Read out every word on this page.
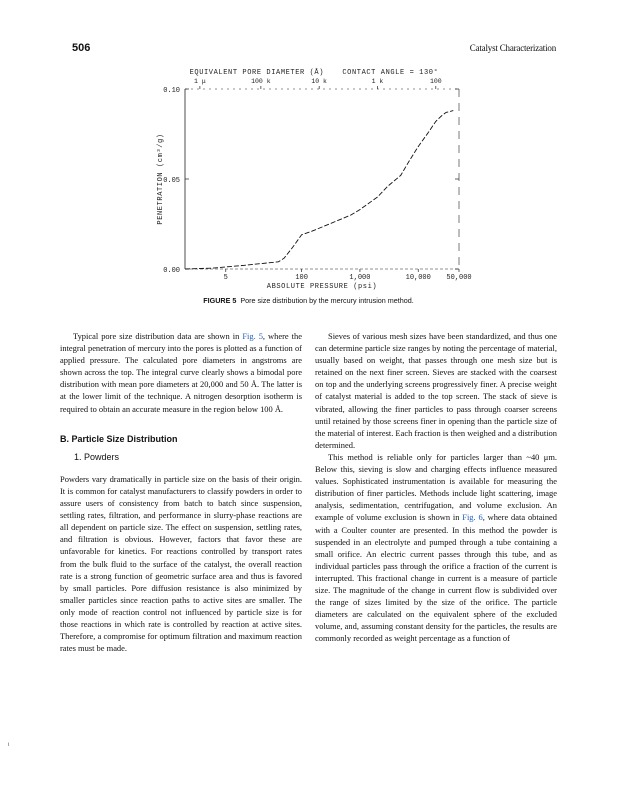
506	Catalyst Characterization
0.00
0.05
0.10
5	100	1,000	10,000 50,000
1 μ	100 k	10 k	1 k	100
EQUIVALENT PORE DIAMETER (Å)	CONTACT ANGLE = 130°
ABSOLUTE PRESSURE (psi)
PENETRATION (cm³/g)
FIGURE 5 Pore size distribution by the mercury intrusion method.

Typical pore size distribution data are shown in Fig. 5, where the integral penetration of mercury into the pores is plotted as a function of applied pressure. The calculated pore diameters in angstroms are shown across the top. The integral curve clearly shows a bimodal pore distribution with mean pore diameters at 20,000 and 50 Å. The latter is at the lower limit of the technique. A nitrogen desorption isotherm is required to obtain an accurate measure in the region below 100 Å.

B. Particle Size Distribution

1. Powders

Powders vary dramatically in particle size on the basis of their origin. It is common for catalyst manufacturers to classify powders in order to assure users of consistency from batch to batch since suspension, settling rates, filtration, and performance in slurry-phase reactions are all dependent on particle size. The effect on suspension, settling rates, and filtration is obvious. However, factors that favor these are unfavorable for kinetics. For reactions controlled by transport rates from the bulk fluid to the surface of the catalyst, the overall reaction rate is a strong function of geometric surface area and thus is favored by small particles. Pore diffusion resistance is also minimized by smaller particles since reaction paths to active sites are smaller. The only mode of reaction control not influenced by particle size is for those reactions in which rate is controlled by reaction at active sites. Therefore, a compromise for optimum filtration and maximum reaction rates must be made.

Sieves of various mesh sizes have been standardized, and thus one can determine particle size ranges by noting the percentage of material, usually based on weight, that passes through one mesh size but is retained on the next finer screen. Sieves are stacked with the coarsest on top and the underlying screens progressively finer. A precise weight of catalyst material is added to the top screen. The stack of sieve is vibrated, allowing the finer particles to pass through coarser screens until retained by those screens finer in opening than the particle size of the material of interest. Each fraction is then weighed and a distribution determined.

This method is reliable only for particles larger than ~40 μm. Below this, sieving is slow and charging effects influence measured values. Sophisticated instrumentation is available for measuring the distribution of finer particles. Methods include light scattering, image analysis, sedimentation, centrifugation, and volume exclusion. An example of volume exclusion is shown in Fig. 6, where data obtained with a Coulter counter are presented. In this method the powder is suspended in an electrolyte and pumped through a tube containing a small orifice. An electric current passes through this tube, and as individual particles pass through the orifice a fraction of the current is interrupted. This fractional change in current is a measure of particle size. The magnitude of the change in current flow is subdivided over the range of sizes limited by the size of the orifice. The particle diameters are calculated on the equivalent sphere of the excluded volume, and, assuming constant density for the particles, the results are commonly recorded as weight percentage as a function of

ι
